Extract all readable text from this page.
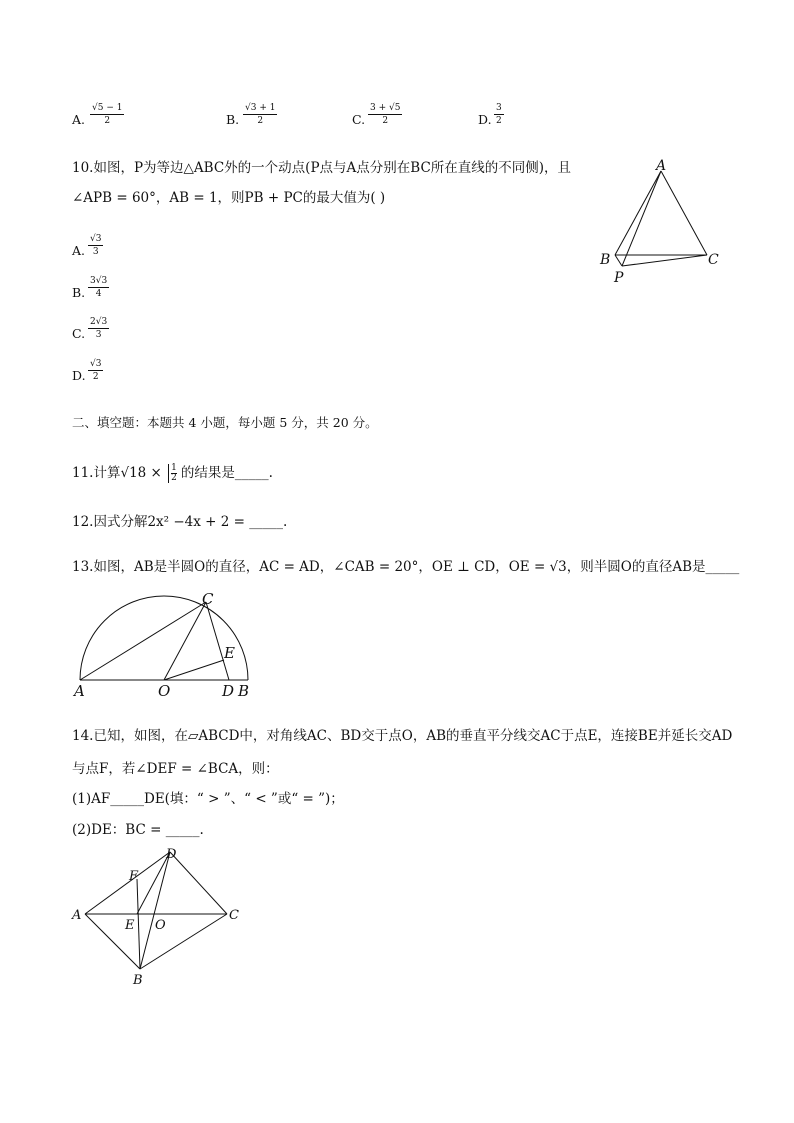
A. $\frac{√5 - 1}{2}$	B. $\frac{√3 + 1}{2}$	C. $\frac{3 + √5}{2}$	D. $\frac{3}{2}$
10.如图，P为等边△ABC外的一个动点(P点与A点分别在BC所在直线的不同侧)，且
∠APB = 60°，AB = 1，则PB + PC的最大值为( )
A. $\frac{√3}{3}$
B. $\frac{3√3}{4}$
C. $\frac{2√3}{3}$
D. $\frac{√3}{2}$
A
B	C
P
二、填空题：本题共 4 小题，每小题 5 分，共 20 分。
11.计算$√18 \times \frac{1}{2}$ 的结果是_____.
12.因式分解2x² −4x + 2 = _____.
13.如图，AB是半圆O的直径，AC = AD，∠CAB = 20°，OE ⊥ CD，OE = √3，则半圆O的直径AB是_____
A	O	D B
C
E
14.已知，如图，在▱ABCD中，对角线AC、BD交于点O，AB的垂直平分线交AC于点E，连接BE并延长交AD
与点F，若∠DEF = ∠BCA，则：
(1)AF_____DE(填：“ > ”、“ < ”或“ = ”)；
(2)DE：BC = _____.
D
F
A	C
E O
B
